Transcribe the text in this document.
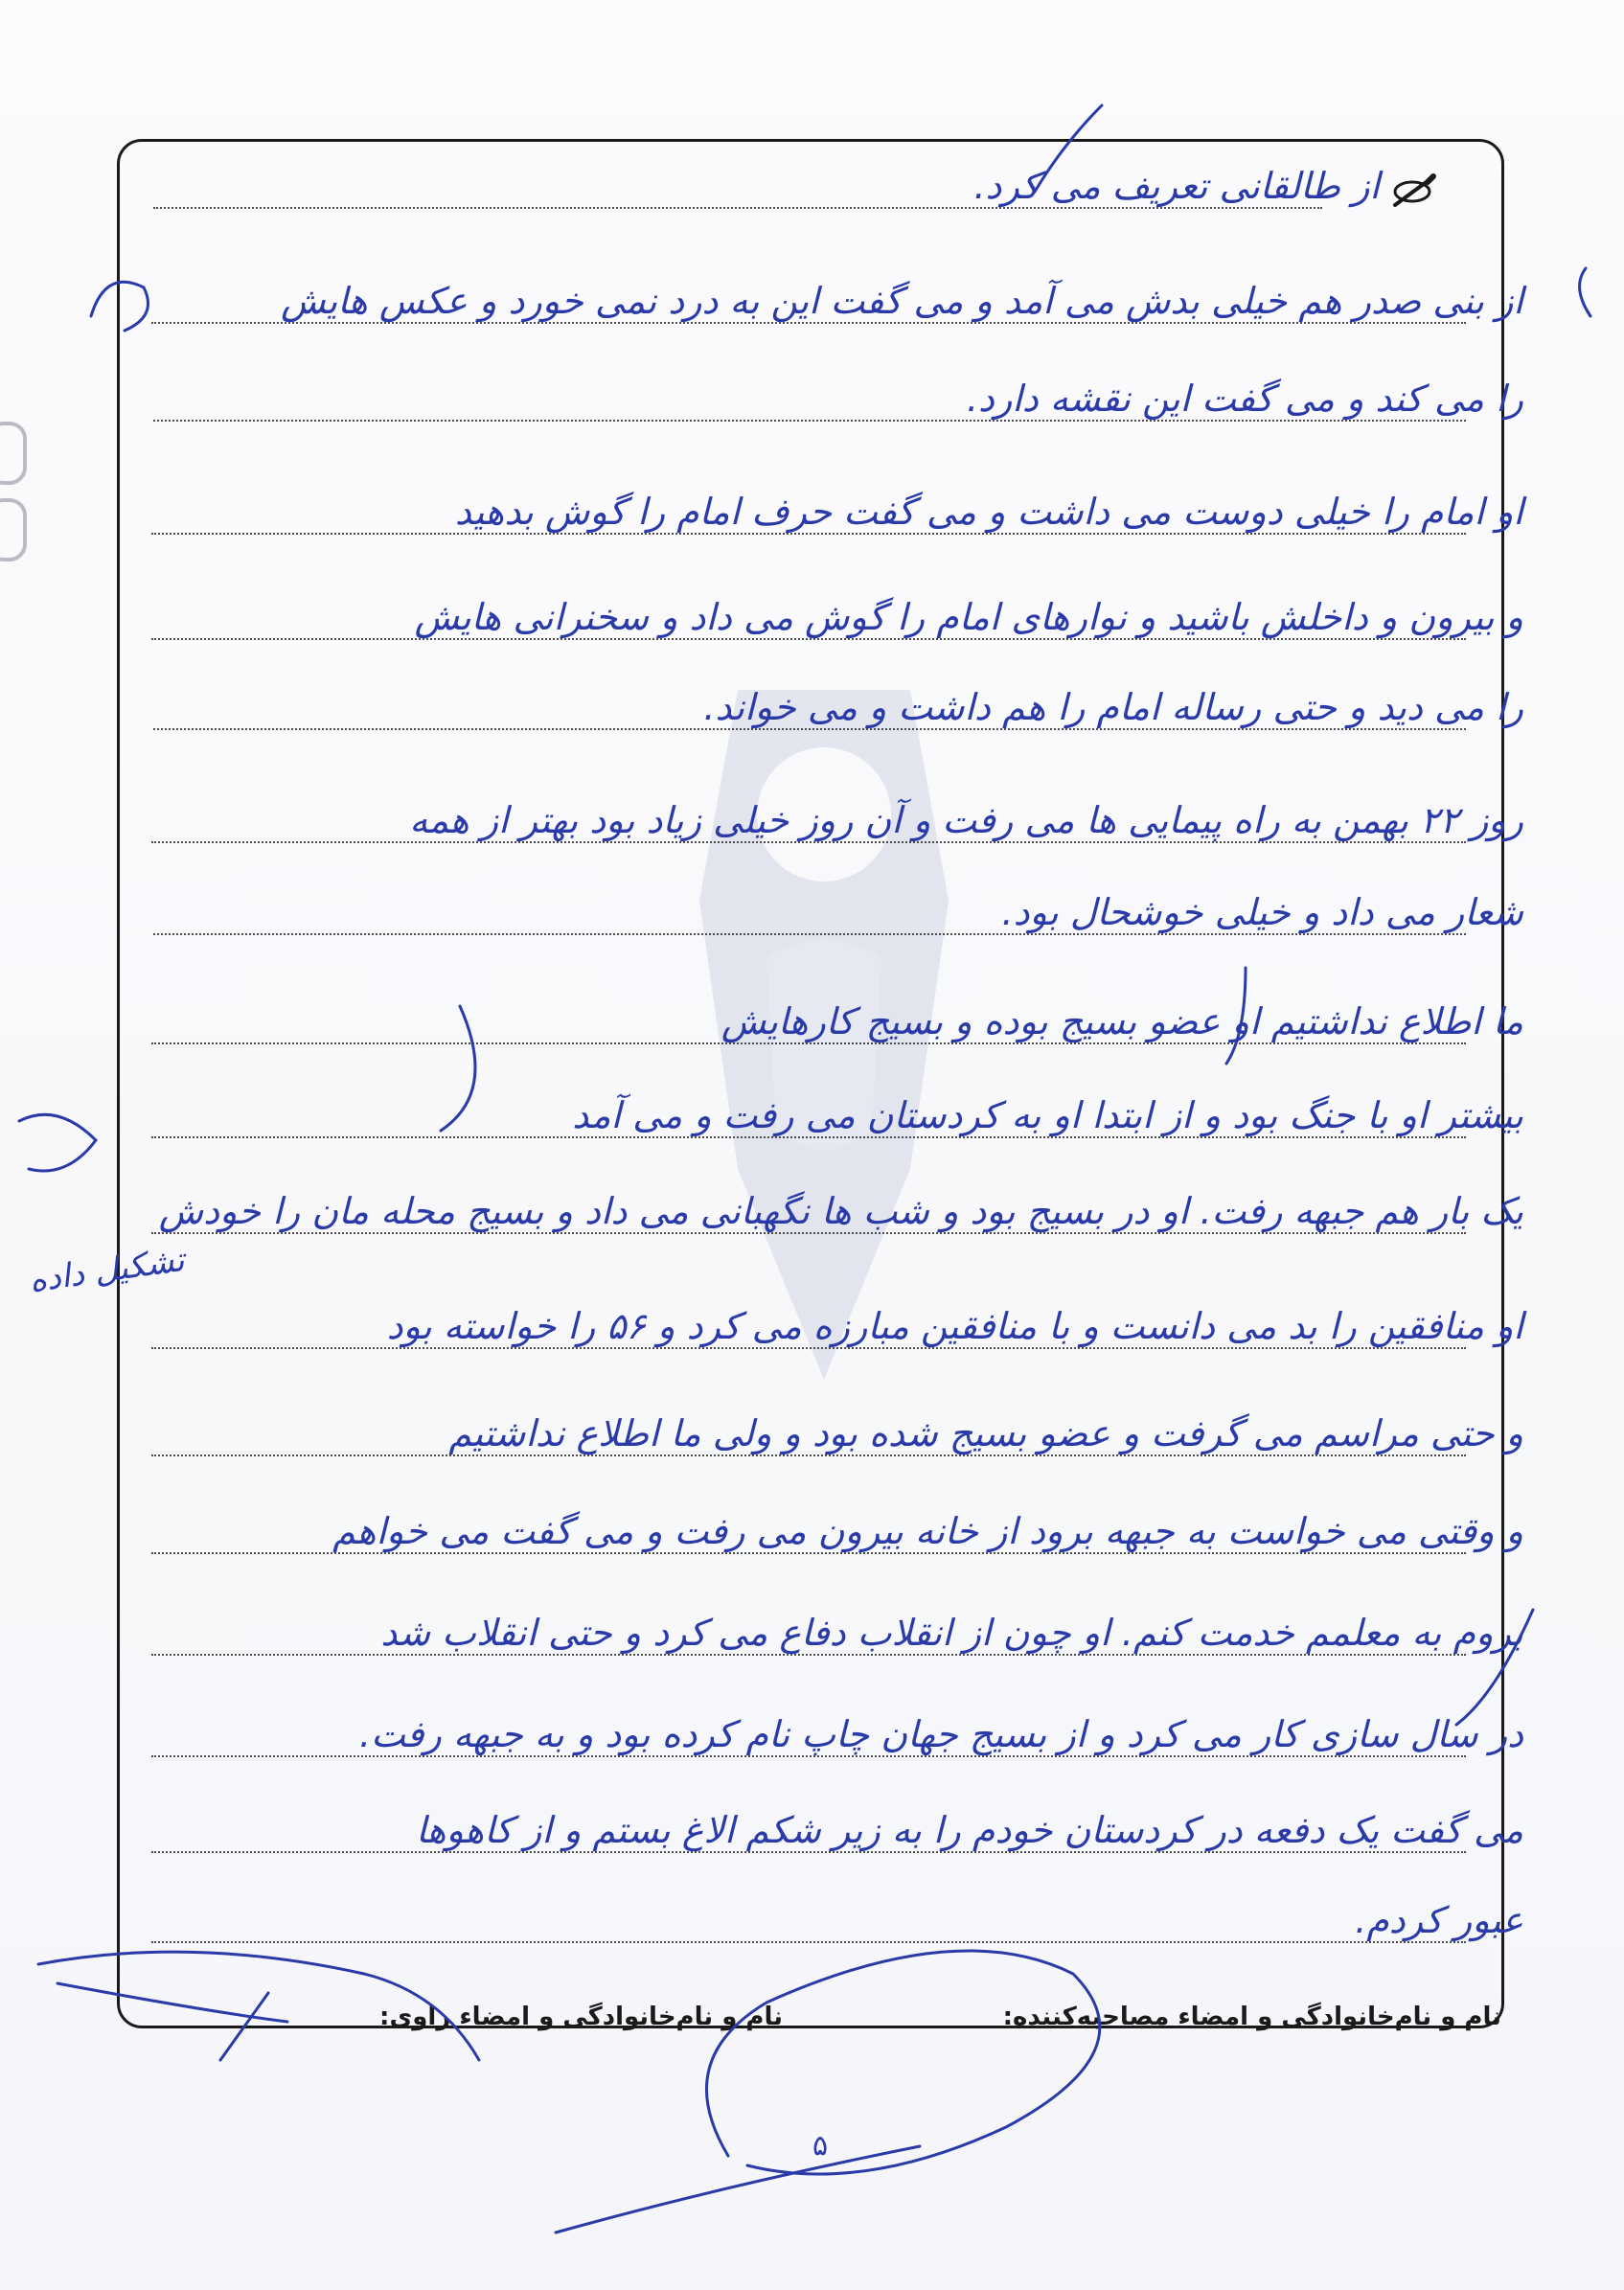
از طالقانی تعریف می کرد.
از بنی صدر هم خیلی بدش می آمد و می گفت این به درد نمی خورد و عکس هایش
را می کند و می گفت این نقشه دارد.
او امام را خیلی دوست می داشت و می گفت حرف امام را گوش بدهید
و بیرون و داخلش باشید و نوارهای امام را گوش می داد و سخنرانی هایش
را می دید و حتی رساله امام را هم داشت و می خواند.
روز ۲۲ بهمن به راه پیمایی ها می رفت و آن روز خیلی زیاد بود بهتر از همه
شعار می داد و خیلی خوشحال بود.
ما اطلاع نداشتیم او عضو بسیج بوده و بسیج کارهایش
بیشتر او با جنگ بود و از ابتدا او به کردستان می رفت و می آمد
یک بار هم جبهه رفت. او در بسیج بود و شب ها نگهبانی می داد و بسیج محله مان را خودش
او منافقین را بد می دانست و با منافقین مبارزه می کرد و ۵۶ را خواسته بود
و حتی مراسم می گرفت و عضو بسیج شده بود و ولی ما اطلاع نداشتیم
و وقتی می خواست به جبهه برود از خانه بیرون می رفت و می گفت می خواهم
بروم به معلمم خدمت کنم. او چون از انقلاب دفاع می کرد و حتی انقلاب شد
در سال سازی کار می کرد و از بسیج جهان چاپ نام کرده بود و به جبهه رفت.
می گفت یک دفعه در کردستان خودم را به زیر شکم الاغ بستم و از کاهوها
عبور کردم.
تشکیل داده
نام و نام‌خانوادگی و امضاء مصاحبه‌کننده:
نام و نام‌خانوادگی و امضاء راوی:
۵
